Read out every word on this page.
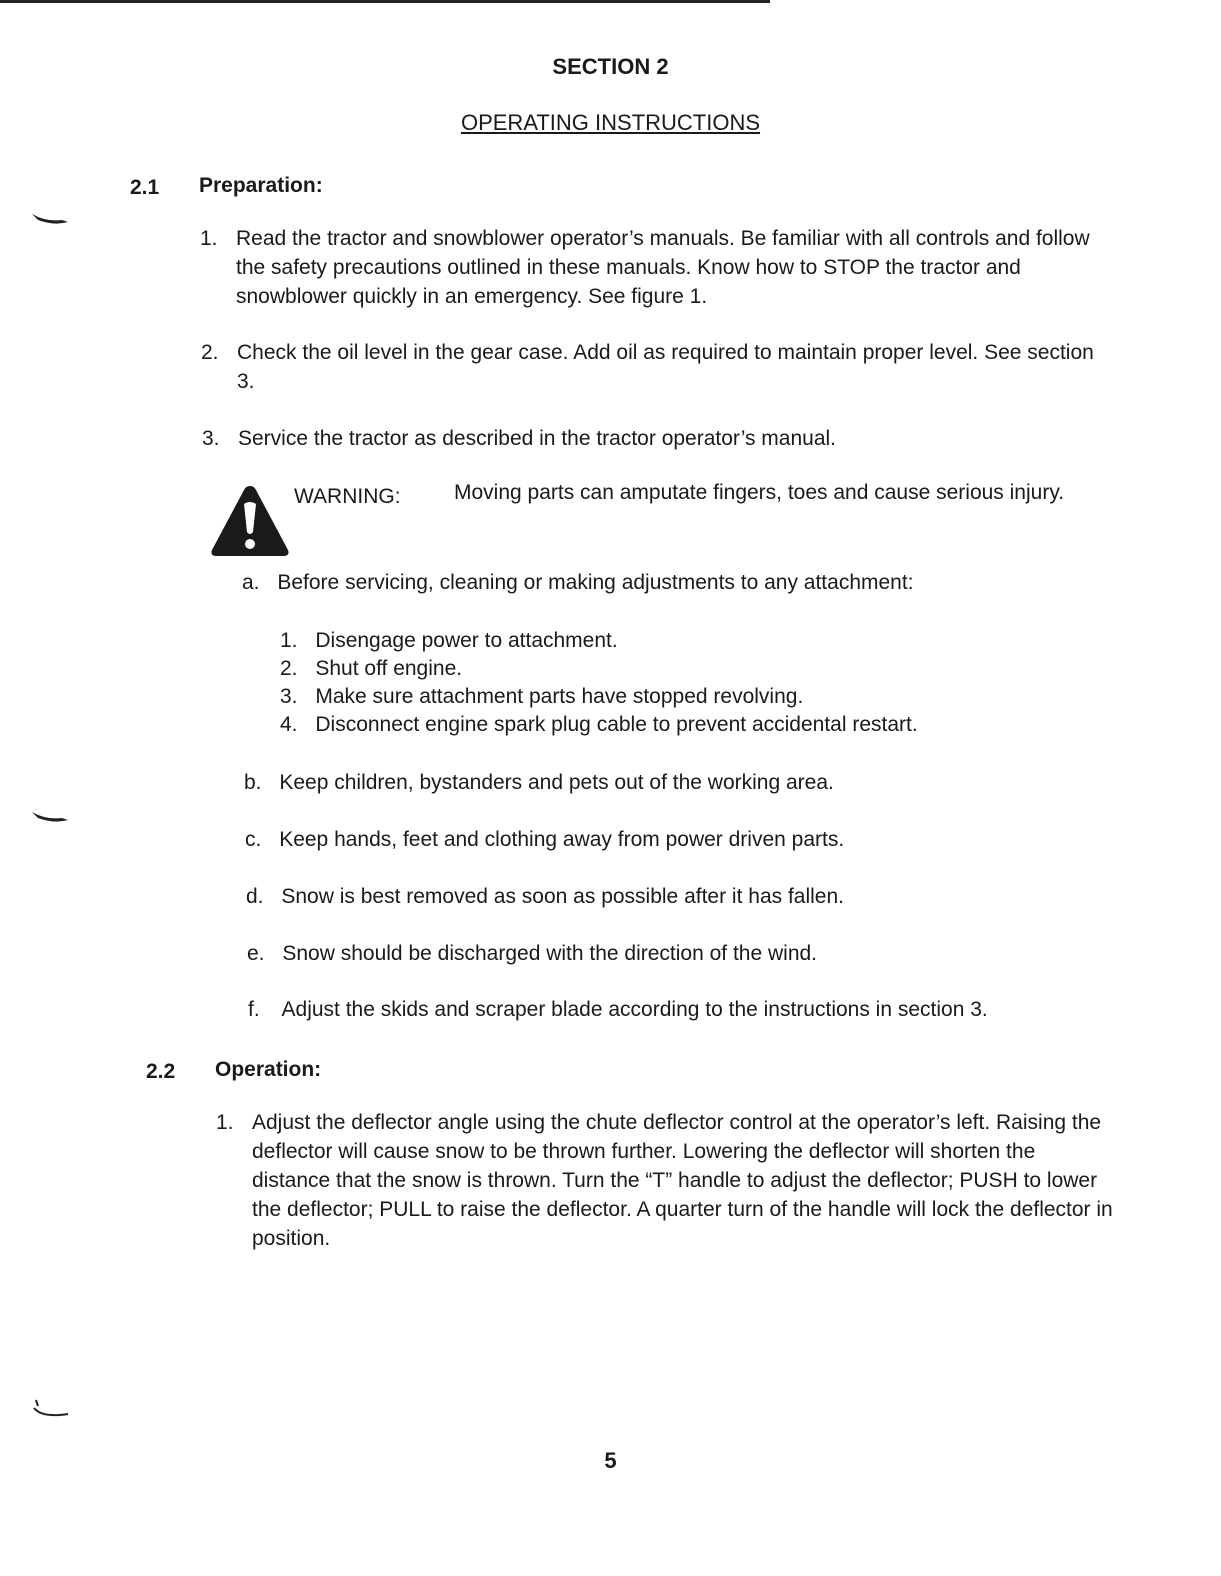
SECTION 2
OPERATING INSTRUCTIONS
2.1 Preparation:
1. Read the tractor and snowblower operator’s manuals. Be familiar with all controls and follow the safety precautions outlined in these manuals. Know how to STOP the tractor and snowblower quickly in an emergency. See figure 1.
2. Check the oil level in the gear case. Add oil as required to maintain proper level. See section 3.
3. Service the tractor as described in the tractor operator’s manual.
WARNING:	Moving parts can amputate fingers, toes and cause serious injury.
a. Before servicing, cleaning or making adjustments to any attachment:
1. Disengage power to attachment.
2. Shut off engine.
3. Make sure attachment parts have stopped revolving.
4. Disconnect engine spark plug cable to prevent accidental restart.
b. Keep children, bystanders and pets out of the working area.
c. Keep hands, feet and clothing away from power driven parts.
d. Snow is best removed as soon as possible after it has fallen.
e. Snow should be discharged with the direction of the wind.
f. Adjust the skids and scraper blade according to the instructions in section 3.
2.2 Operation:
1. Adjust the deflector angle using the chute deflector control at the operator’s left. Raising the deflector will cause snow to be thrown further. Lowering the deflector will shorten the distance that the snow is thrown. Turn the “T” handle to adjust the deflector; PUSH to lower the deflector; PULL to raise the deflector. A quarter turn of the handle will lock the deflector in position.
5
